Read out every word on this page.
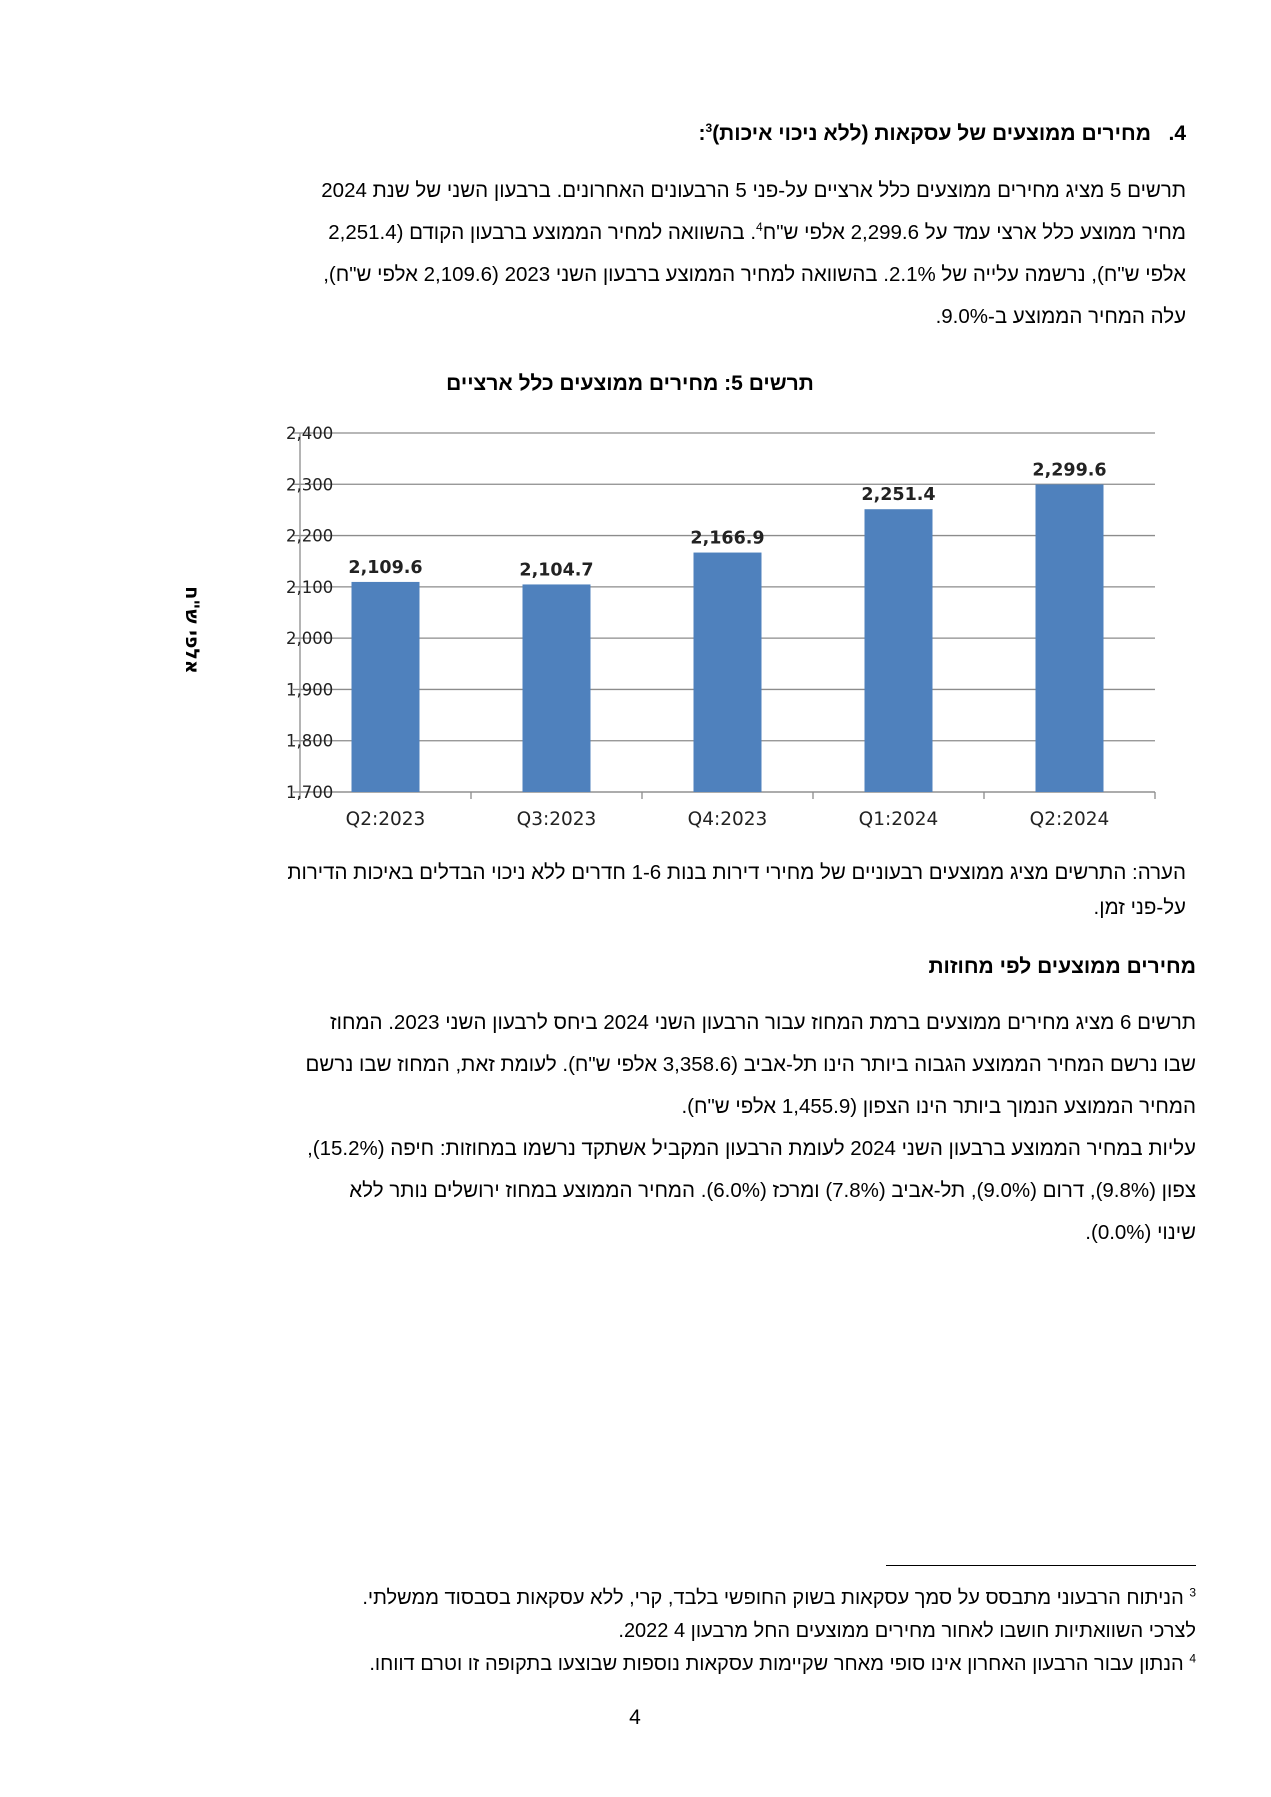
4.   מחירים ממוצעים של עסקאות (ללא ניכוי איכות)$^3$:
תרשים 5 מציג מחירים ממוצעים כלל ארציים על-פני 5 הרבעונים האחרונים. ברבעון השני של שנת 2024
מחיר ממוצע כלל ארצי עמד על 2,299.6 אלפי ש"ח$^4$. בהשוואה למחיר הממוצע ברבעון הקודם (2,251.4
אלפי ש"ח), נרשמה עלייה של 2.1%. בהשוואה למחיר הממוצע ברבעון השני 2023 (2,109.6 אלפי ש"ח),
עלה המחיר הממוצע ב-9.0%.
תרשים 5: מחירים ממוצעים כלל ארציים
2,109.6	2,104.7
2,166.9
2,251.4
2,299.6
2,400
2,300
2,200
2,100
2,000
1,900
1,800
1,700
Q2:2023	Q3:2023	Q4:2023	Q1:2024	Q2:2024
אלפי ש"ח
הערה: התרשים מציג ממוצעים רבעוניים של מחירי דירות בנות 1-6 חדרים ללא ניכוי הבדלים באיכות הדירות
על-פני זמן.
מחירים ממוצעים לפי מחוזות
תרשים 6 מציג מחירים ממוצעים ברמת המחוז עבור הרבעון השני 2024 ביחס לרבעון השני 2023. המחוז
שבו נרשם המחיר הממוצע הגבוה ביותר הינו תל-אביב (3,358.6 אלפי ש"ח). לעומת זאת, המחוז שבו נרשם
המחיר הממוצע הנמוך ביותר הינו הצפון (1,455.9 אלפי ש"ח).
עליות במחיר הממוצע ברבעון השני 2024 לעומת הרבעון המקביל אשתקד נרשמו במחוזות: חיפה (15.2%),
צפון (9.8%), דרום (9.0%), תל-אביב (7.8%) ומרכז (6.0%). המחיר הממוצע במחוז ירושלים נותר ללא
שינוי (0.0%).
$^3$ הניתוח הרבעוני מתבסס על סמך עסקאות בשוק החופשי בלבד, קרי, ללא עסקאות בסבסוד ממשלתי.
לצרכי השוואתיות חושבו לאחור מחירים ממוצעים החל מרבעון 4 2022.
$^4$ הנתון עבור הרבעון האחרון אינו סופי מאחר שקיימות עסקאות נוספות שבוצעו בתקופה זו וטרם דווחו.
4
